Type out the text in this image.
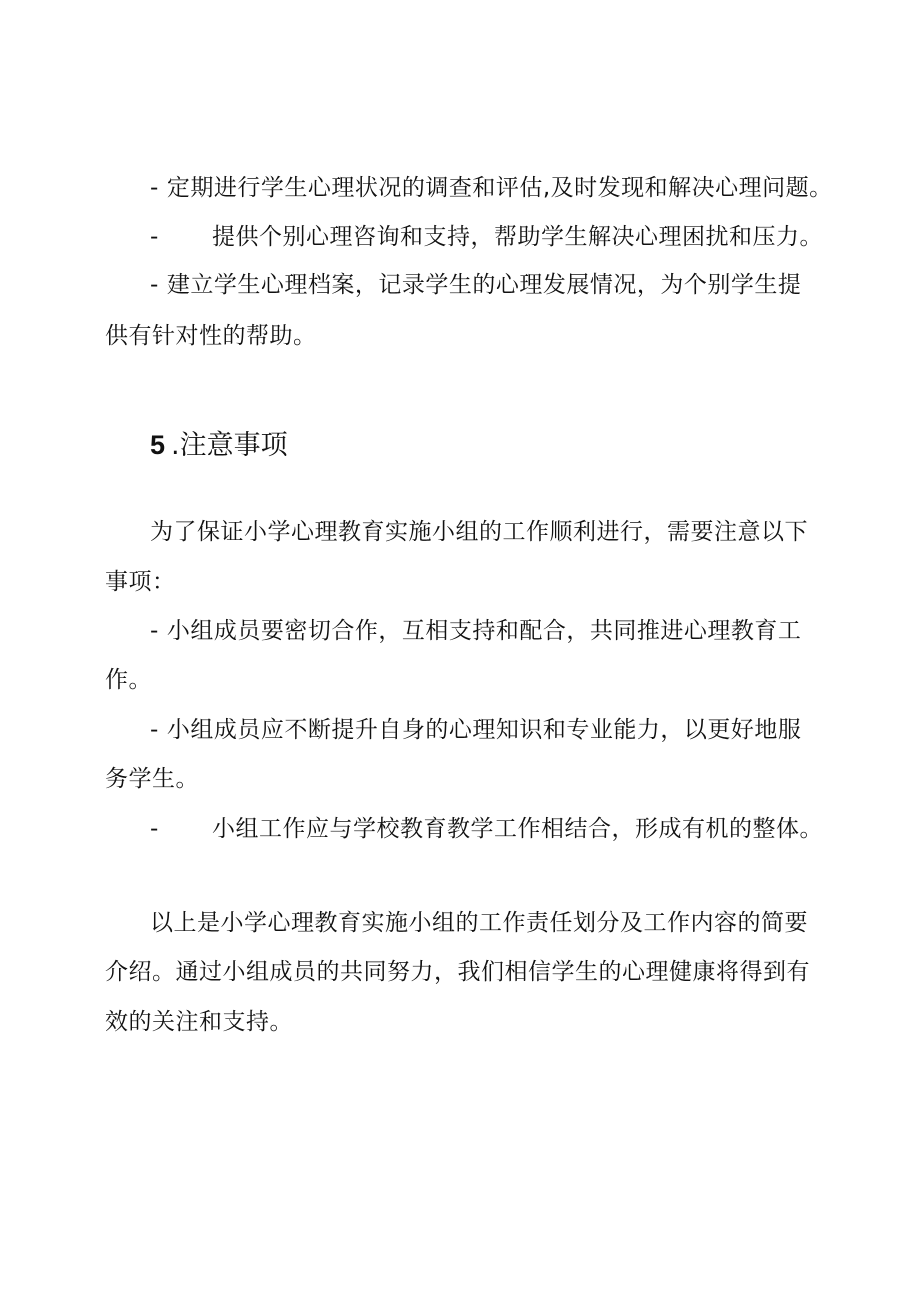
- 定期进行学生心理状况的调查和评估,及时发现和解决心理问题。
- 提供个别心理咨询和支持，帮助学生解决心理困扰和压力。
- 建立学生心理档案，记录学生的心理发展情况，为个别学生提
供有针对性的帮助。
5 .注意事项
为了保证小学心理教育实施小组的工作顺利进行，需要注意以下
事项：
- 小组成员要密切合作，互相支持和配合，共同推进心理教育工
作。
- 小组成员应不断提升自身的心理知识和专业能力，以更好地服
务学生。
- 小组工作应与学校教育教学工作相结合，形成有机的整体。
以上是小学心理教育实施小组的工作责任划分及工作内容的简要
介绍。通过小组成员的共同努力，我们相信学生的心理健康将得到有
效的关注和支持。
